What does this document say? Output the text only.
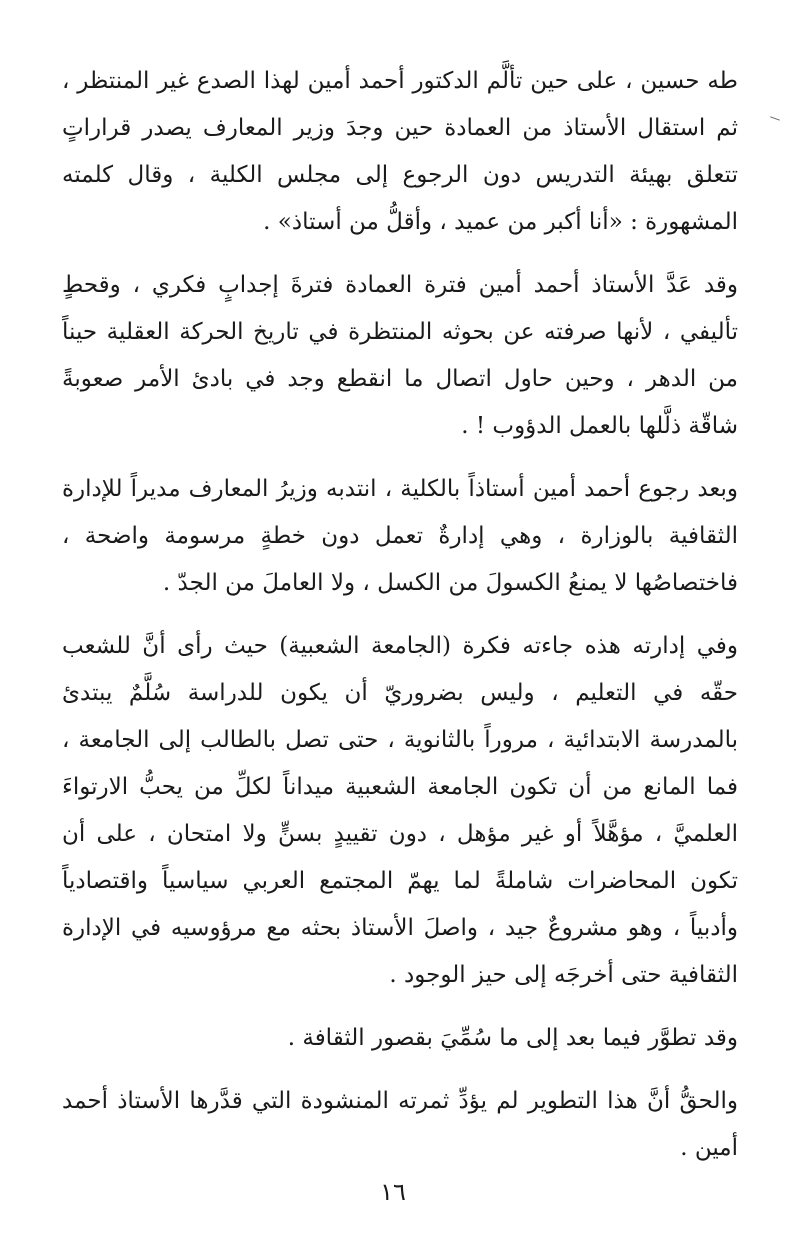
طه حسين ، على حين تألَّم الدكتور أحمد أمين لهذا الصدع غير المنتظر ، ثم استقال الأستاذ من العمادة حين وجدَ وزير المعارف يصدر قراراتٍ تتعلق بهيئة التدريس دون الرجوع إلى مجلس الكلية ، وقال كلمته المشهورة : «أنا أكبر من عميد ، وأقلُّ من أستاذ» .

وقد عَدَّ الأستاذ أحمد أمين فترة العمادة فترةَ إجدابٍ فكري ، وقحطٍ تأليفي ، لأنها صرفته عن بحوثه المنتظرة في تاريخ الحركة العقلية حيناً من الدهر ، وحين حاول اتصال ما انقطع وجد في بادئ الأمر صعوبةً شاقّة ذلَّلها بالعمل الدؤوب ! .

وبعد رجوع أحمد أمين أستاذاً بالكلية ، انتدبه وزيرُ المعارف مديراً للإدارة الثقافية بالوزارة ، وهي إدارةٌ تعمل دون خطةٍ مرسومة واضحة ، فاختصاصُها لا يمنعُ الكسولَ من الكسل ، ولا العاملَ من الجدّ .

وفي إدارته هذه جاءته فكرة (الجامعة الشعبية) حيث رأى أنَّ للشعب حقّه في التعليم ، وليس بضروريّ أن يكون للدراسة سُلَّمٌ يبتدئ بالمدرسة الابتدائية ، مروراً بالثانوية ، حتى تصل بالطالب إلى الجامعة ، فما المانع من أن تكون الجامعة الشعبية ميداناً لكلِّ من يحبُّ الارتواءَ العلميَّ ، مؤهَّلاً أو غير مؤهل ، دون تقييدٍ بسنٍّ ولا امتحان ، على أن تكون المحاضرات شاملةً لما يهمّ المجتمع العربي سياسياً واقتصادياً وأدبياً ، وهو مشروعٌ جيد ، واصلَ الأستاذ بحثه مع مرؤوسيه في الإدارة الثقافية حتى أخرجَه إلى حيز الوجود .

وقد تطوَّر فيما بعد إلى ما سُمِّيَ بقصور الثقافة .

والحقُّ أنَّ هذا التطوير لم يؤدِّ ثمرته المنشودة التي قدَّرها الأستاذ أحمد أمين .

١٦
